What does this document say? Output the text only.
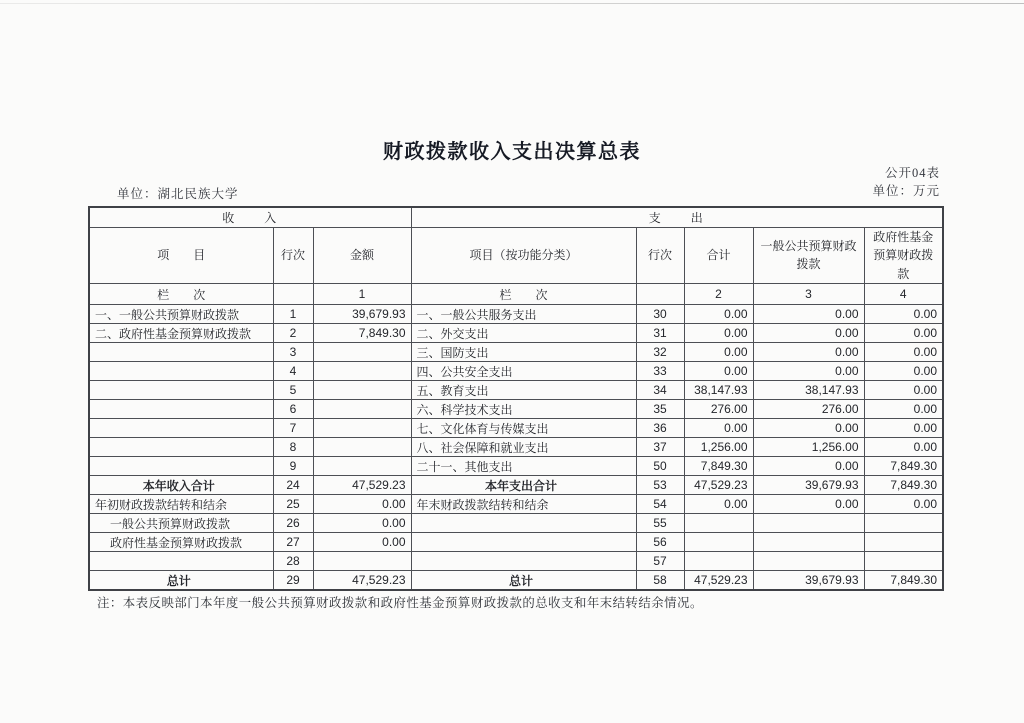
财政拨款收入支出决算总表
单位：湖北民族大学
公开04表
单位：万元
收　　入			支　　出				
项　　目	行次	金额	项目（按功能分类）	行次	合计	一般公共预算财政拨款	政府性基金预算财政拨款
栏　　次		1	栏　　次		2	3	4
一、一般公共预算财政拨款	1	39,679.93	一、一般公共服务支出	30	0.00	0.00	0.00
二、政府性基金预算财政拨款	2	7,849.30	二、外交支出	31	0.00	0.00	0.00
	3		三、国防支出	32	0.00	0.00	0.00
	4		四、公共安全支出	33	0.00	0.00	0.00
	5		五、教育支出	34	38,147.93	38,147.93	0.00
	6		六、科学技术支出	35	276.00	276.00	0.00
	7		七、文化体育与传媒支出	36	0.00	0.00	0.00
	8		八、社会保障和就业支出	37	1,256.00	1,256.00	0.00
	9		二十一、其他支出	50	7,849.30	0.00	7,849.30
本年收入合计	24	47,529.23	本年支出合计	53	47,529.23	39,679.93	7,849.30
年初财政拨款结转和结余	25	0.00	年末财政拨款结转和结余	54	0.00	0.00	0.00
一般公共预算财政拨款	26	0.00		55			
政府性基金预算财政拨款	27	0.00		56			
	28			57			
总计	29	47,529.23	总计	58	47,529.23	39,679.93	7,849.30
注：本表反映部门本年度一般公共预算财政拨款和政府性基金预算财政拨款的总收支和年末结转结余情况。
